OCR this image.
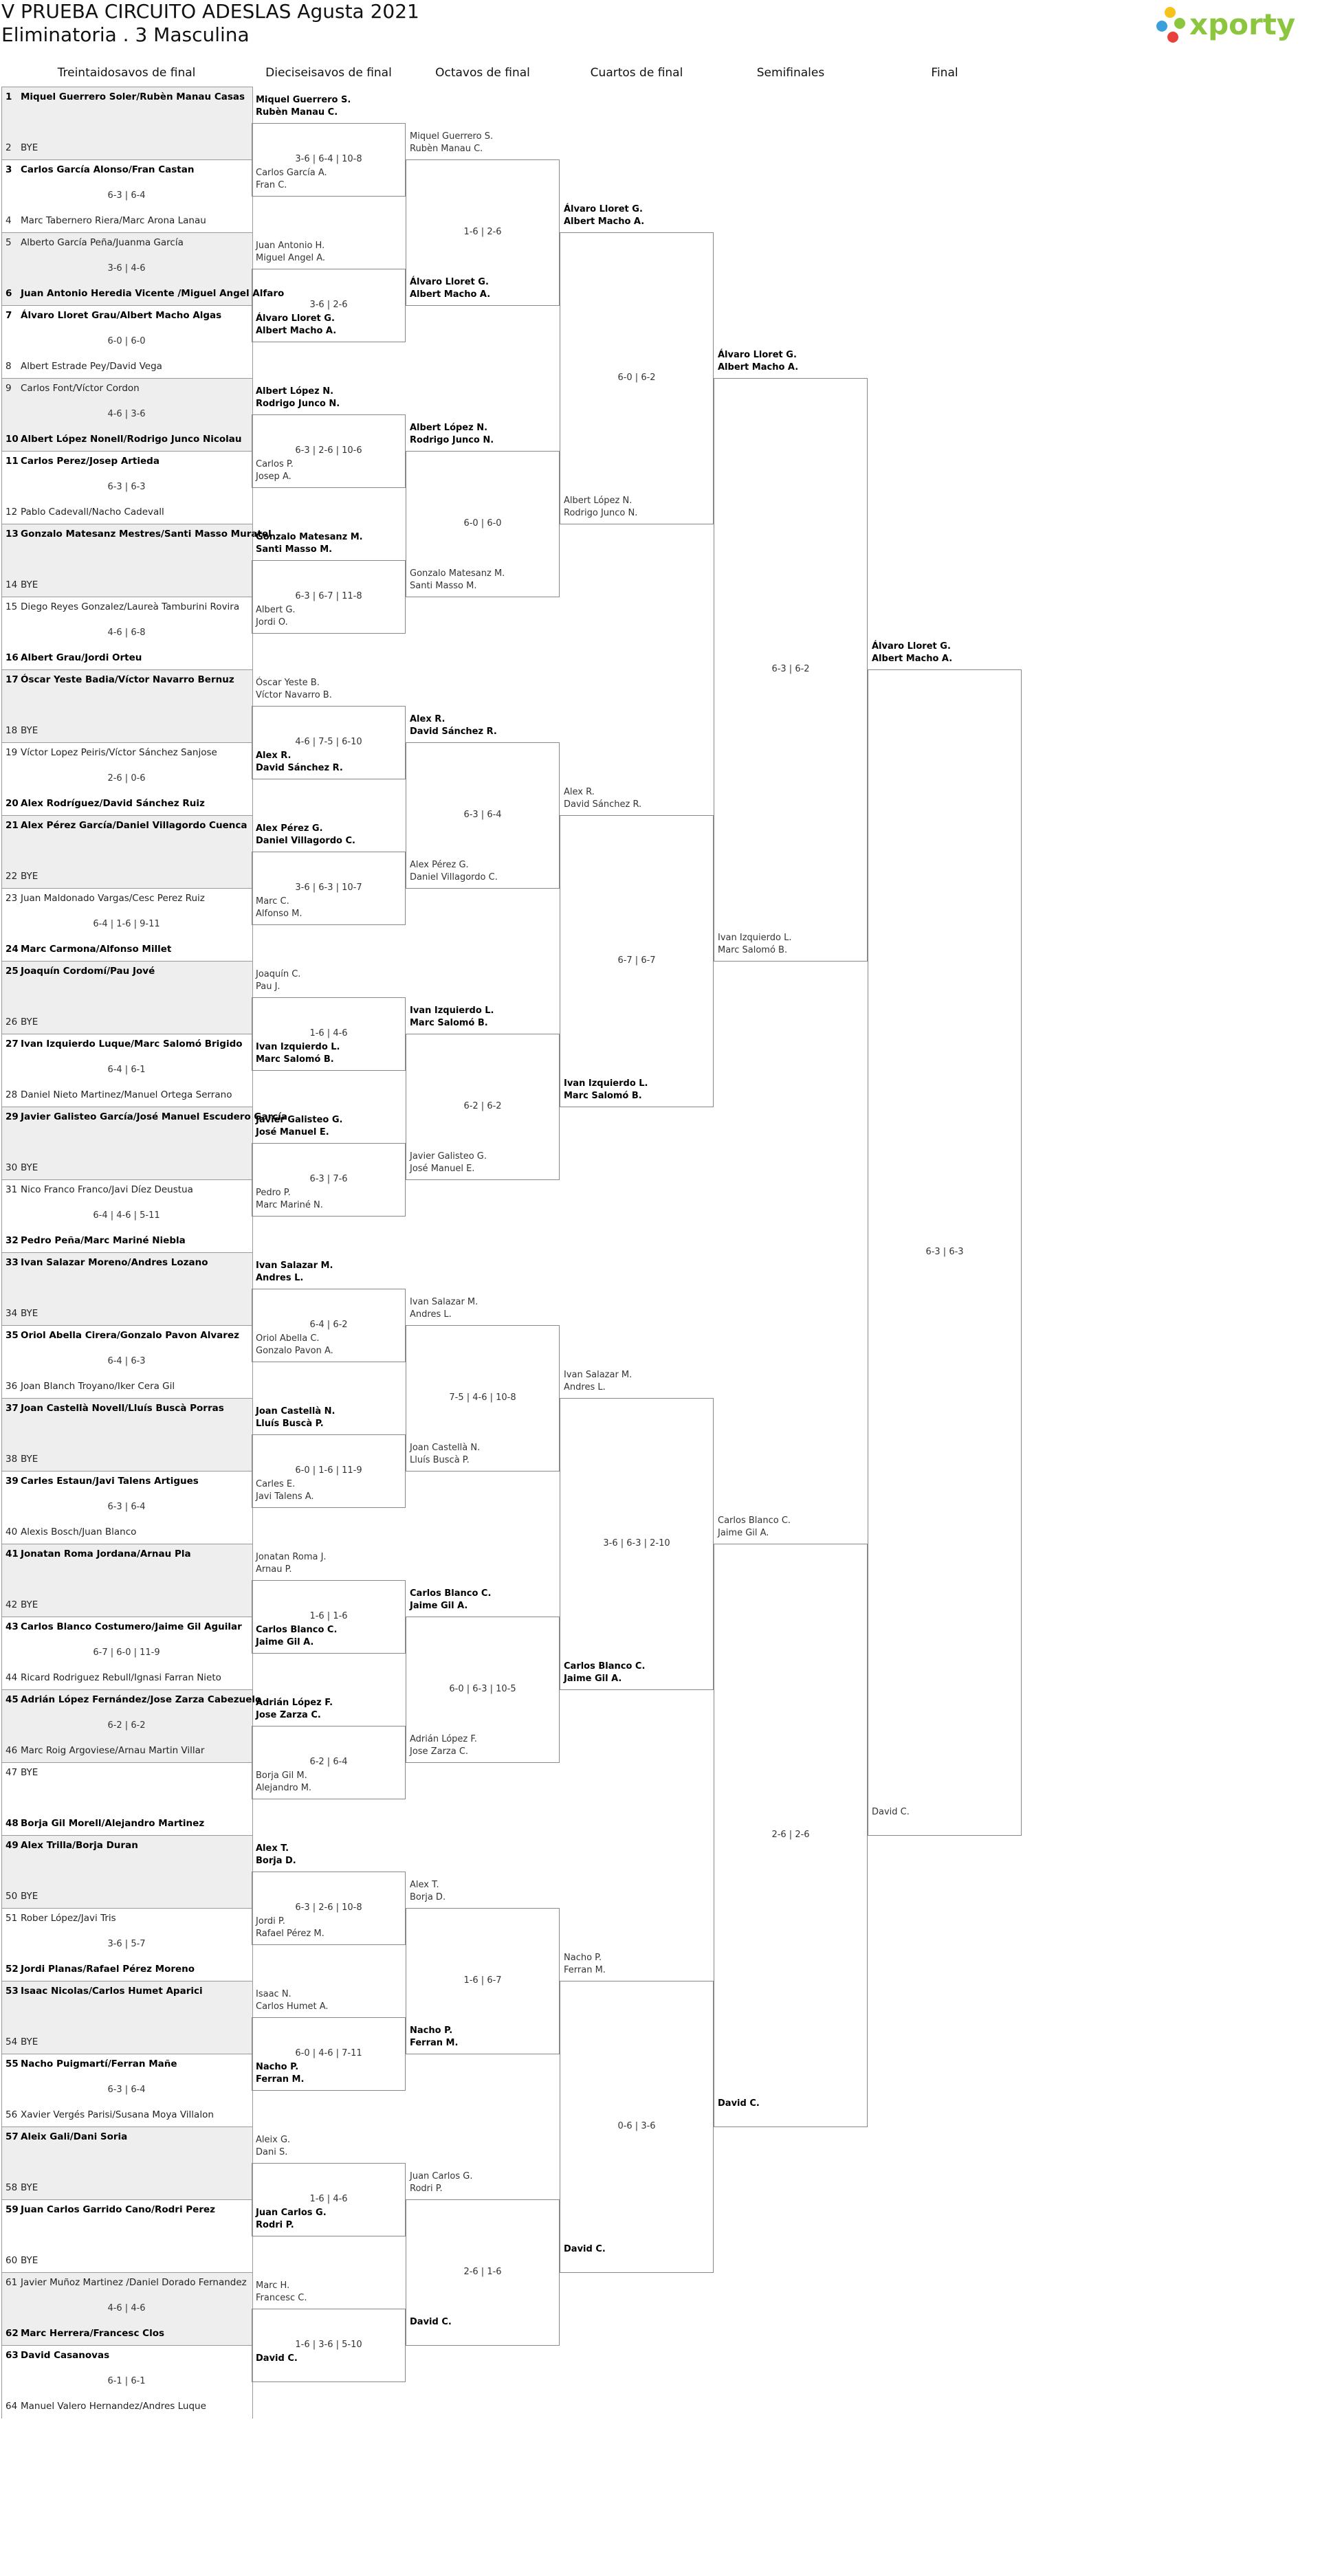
V PRUEBA CIRCUITO ADESLAS Agusta 2021
Eliminatoria . 3 Masculina	xporty
Treintaidosavos de final	Dieciseisavos de final	Octavos de final	Cuartos de final	Semifinales	Final
1 Miquel Guerrero Soler/Rubèn Manau Casas
2 BYE
3 Carlos García Alonso/Fran Castan
6-3 | 6-4
4 Marc Tabernero Riera/Marc Arona Lanau
5 Alberto García Peña/Juanma García
3-6 | 4-6
6 Juan Antonio Heredia Vicente /Miguel Angel Alfaro
7 Álvaro Lloret Grau/Albert Macho Algas
6-0 | 6-0
8 Albert Estrade Pey/David Vega
9 Carlos Font/Víctor Cordon
4-6 | 3-6
10 Albert López Nonell/Rodrigo Junco Nicolau
11 Carlos Perez/Josep Artieda
6-3 | 6-3
12 Pablo Cadevall/Nacho Cadevall
13 Gonzalo Matesanz Mestres/Santi Masso Muratel
14 BYE
15 Diego Reyes Gonzalez/Laureà Tamburini Rovira
4-6 | 6-8
16 Albert Grau/Jordi Orteu
17 Óscar Yeste Badia/Víctor Navarro Bernuz
18 BYE
19 Víctor Lopez Peiris/Víctor Sánchez Sanjose
2-6 | 0-6
20 Alex Rodríguez/David Sánchez Ruiz
21 Alex Pérez García/Daniel Villagordo Cuenca
22 BYE
23 Juan Maldonado Vargas/Cesc Perez Ruiz
6-4 | 1-6 | 9-11
24 Marc Carmona/Alfonso Millet
25 Joaquín Cordomí/Pau Jové
26 BYE
27 Ivan Izquierdo Luque/Marc Salomó Brigido
6-4 | 6-1
28 Daniel Nieto Martinez/Manuel Ortega Serrano
29 Javier Galisteo García/José Manuel Escudero García
30 BYE
31 Nico Franco Franco/Javi Díez Deustua
6-4 | 4-6 | 5-11
32 Pedro Peña/Marc Mariné Niebla
33 Ivan Salazar Moreno/Andres Lozano
34 BYE
35 Oriol Abella Cirera/Gonzalo Pavon Alvarez
6-4 | 6-3
36 Joan Blanch Troyano/Iker Cera Gil
37 Joan Castellà Novell/Lluís Buscà Porras
38 BYE
39 Carles Estaun/Javi Talens Artigues
6-3 | 6-4
40 Alexis Bosch/Juan Blanco
41 Jonatan Roma Jordana/Arnau Pla
42 BYE
43 Carlos Blanco Costumero/Jaime Gil Aguilar
6-7 | 6-0 | 11-9
44 Ricard Rodriguez Rebull/Ignasi Farran Nieto
45 Adrián López Fernández/Jose Zarza Cabezuelo
6-2 | 6-2
46 Marc Roig Argoviese/Arnau Martin Villar
47 BYE
48 Borja Gil Morell/Alejandro Martinez
49 Alex Trilla/Borja Duran
50 BYE
51 Rober López/Javi Tris
3-6 | 5-7
52 Jordi Planas/Rafael Pérez Moreno
53 Isaac Nicolas/Carlos Humet Aparici
54 BYE
55 Nacho Puigmartí/Ferran Mañe
6-3 | 6-4
56 Xavier Vergés Parisi/Susana Moya Villalon
57 Aleix Gali/Dani Soria
58 BYE
59 Juan Carlos Garrido Cano/Rodri Perez
60 BYE
61 Javier Muñoz Martinez /Daniel Dorado Fernandez
4-6 | 4-6
62 Marc Herrera/Francesc Clos
63 David Casanovas
6-1 | 6-1
64 Manuel Valero Hernandez/Andres Luque
Miquel Guerrero S.
Rubèn Manau C.
Carlos García A.
Fran C.
3-6 | 6-4 | 10-8
Juan Antonio H.
Miguel Angel A.
Álvaro Lloret G.
Albert Macho A.
3-6 | 2-6
Albert López N.
Rodrigo Junco N.
Carlos P.
Josep A.
6-3 | 2-6 | 10-6
Gonzalo Matesanz M.
Santi Masso M.
Albert G.
Jordi O.
6-3 | 6-7 | 11-8
Óscar Yeste B.
Víctor Navarro B.
Alex R.
David Sánchez R.
4-6 | 7-5 | 6-10
Alex Pérez G.
Daniel Villagordo C.
Marc C.
Alfonso M.
3-6 | 6-3 | 10-7
Joaquín C.
Pau J.
Ivan Izquierdo L.
Marc Salomó B.
1-6 | 4-6
Javier Galisteo G.
José Manuel E.
Pedro P.
Marc Mariné N.
6-3 | 7-6
Ivan Salazar M.
Andres L.
Oriol Abella C.
Gonzalo Pavon A.
6-4 | 6-2
Joan Castellà N.
Lluís Buscà P.
Carles E.
Javi Talens A.
6-0 | 1-6 | 11-9
Jonatan Roma J.
Arnau P.
Carlos Blanco C.
Jaime Gil A.
1-6 | 1-6
Adrián López F.
Jose Zarza C.
Borja Gil M.
Alejandro M.
6-2 | 6-4
Alex T.
Borja D.
Jordi P.
Rafael Pérez M.
6-3 | 2-6 | 10-8
Isaac N.
Carlos Humet A.
Nacho P.
Ferran M.
6-0 | 4-6 | 7-11
Aleix G.
Dani S.
Juan Carlos G.
Rodri P.
1-6 | 4-6
Marc H.
Francesc C.
David C.
1-6 | 3-6 | 5-10
Miquel Guerrero S.
Rubèn Manau C.
Álvaro Lloret G.
Albert Macho A.
1-6 | 2-6
Albert López N.
Rodrigo Junco N.
Gonzalo Matesanz M.
Santi Masso M.
6-0 | 6-0
Alex R.
David Sánchez R.
Alex Pérez G.
Daniel Villagordo C.
6-3 | 6-4
Ivan Izquierdo L.
Marc Salomó B.
Javier Galisteo G.
José Manuel E.
6-2 | 6-2
Ivan Salazar M.
Andres L.
Joan Castellà N.
Lluís Buscà P.
7-5 | 4-6 | 10-8
Carlos Blanco C.
Jaime Gil A.
Adrián López F.
Jose Zarza C.
6-0 | 6-3 | 10-5
Alex T.
Borja D.
Nacho P.
Ferran M.
1-6 | 6-7
Juan Carlos G.
Rodri P.
David C.
2-6 | 1-6
Álvaro Lloret G.
Albert Macho A.
Albert López N.
Rodrigo Junco N.
6-0 | 6-2
Alex R.
David Sánchez R.
Ivan Izquierdo L.
Marc Salomó B.
6-7 | 6-7
Ivan Salazar M.
Andres L.
Carlos Blanco C.
Jaime Gil A.
3-6 | 6-3 | 2-10
Nacho P.
Ferran M.
David C.
0-6 | 3-6
Álvaro Lloret G.
Albert Macho A.
Ivan Izquierdo L.
Marc Salomó B.
6-3 | 6-2
Carlos Blanco C.
Jaime Gil A.
David C.
2-6 | 2-6
Álvaro Lloret G.
Albert Macho A.
David C.
6-3 | 6-3
